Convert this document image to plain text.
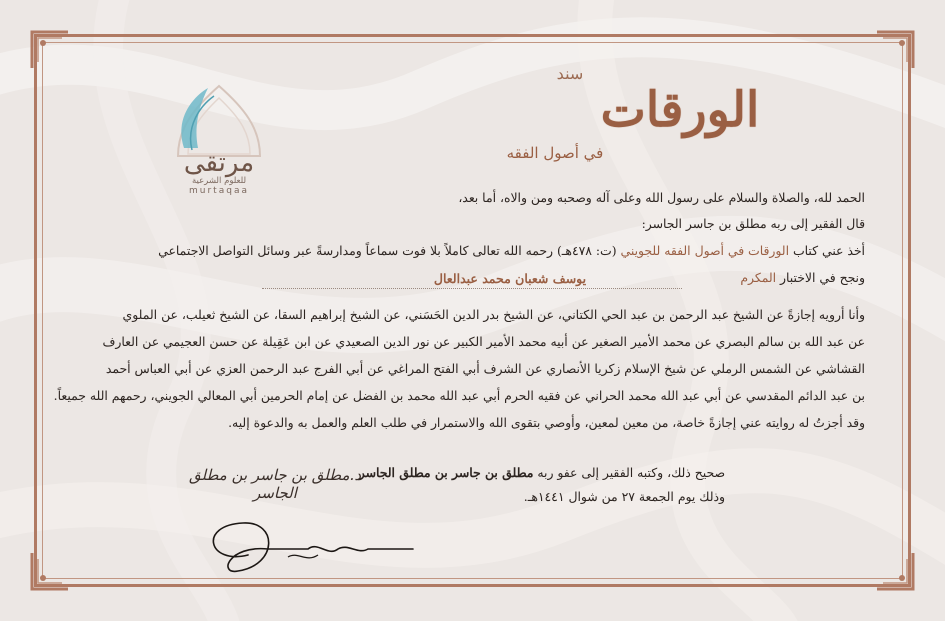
مرتقى
للعلوم الشرعية
murtaqaa
سند
الورقات
في أصول الفقه
الحمد لله، والصلاة والسلام على رسول الله وعلى آله وصحبه ومن والاه، أما بعد،
قال الفقير إلى ربه مطلق بن جاسر الجاسر:
أخذ عني كتاب الورقات في أصول الفقه للجويني (ت: ٤٧٨هـ) رحمه الله تعالى كاملاً بلا فوت سماعاً ومدارسةً عبر وسائل التواصل الاجتماعي
ونجح في الاختبار المكرم
يوسف شعبان محمد عبدالعال
وأنا أرويه إجازةً عن الشيخ عبد الرحمن بن عبد الحي الكتاني، عن الشيخ بدر الدين الحَسَني، عن الشيخ إبراهيم السقا، عن الشيخ ثعيلب، عن الملوي
عن عبد الله بن سالم البصري عن محمد الأمير الصغير عن أبيه محمد الأمير الكبير عن نور الدين الصعيدي عن ابن عَقِيلة عن حسن العجيمي عن العارف
القشاشي عن الشمس الرملي عن شيخ الإسلام زكريا الأنصاري عن الشرف أبي الفتح المراغي عن أبي الفرج عبد الرحمن العزي عن أبي العباس أحمد
بن عبد الدائم المقدسي عن أبي عبد الله محمد الحراني عن فقيه الحرم أبي عبد الله محمد بن الفضل عن إمام الحرمين أبي المعالي الجويني، رحمهم الله جميعاً.
وقد أجزتُ له روايته عني إجازةً خاصة، من معين لمعين، وأوصي بتقوى الله والاستمرار في طلب العلم والعمل به والدعوة إليه.
صحيح ذلك، وكتبه الفقير إلى عفو ربه مطلق بن جاسر بن مطلق الجاسر
وذلك يوم الجمعة ٢٧ من شوال ١٤٤١هـ.
د.مطلق بن جاسر بن مطلق الجاسر
